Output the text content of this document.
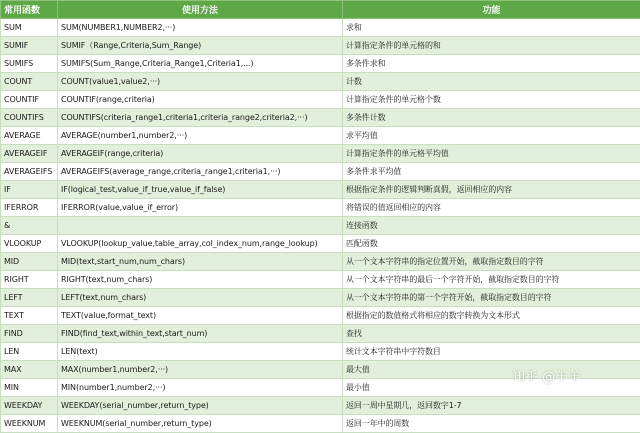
常用函数	使用方法	功能
SUM	SUM(NUMBER1,NUMBER2,···)	求和
SUMIF	SUMIF（Range,Criteria,Sum_Range)	计算指定条件的单元格的和
SUMIFS	SUMIFS(Sum_Range,Criteria_Range1,Criteria1,...)	多条件求和
COUNT	COUNT(value1,value2,···)	计数
COUNTIF	COUNTIF(range,criteria)	计算指定条件的单元格个数
COUNTIFS	COUNTIFS(criteria_range1,criteria1,criteria_range2,criteria2,···)	多条件计数
AVERAGE	AVERAGE(number1,number2,···)	求平均值
AVERAGEIF	AVERAGEIF(range,criteria)	计算指定条件的单元格平均值
AVERAGEIFS	AVERAGEIFS(average_range,criteria_range1,criteria1,···)	多条件求平均值
IF	IF(logical_test,value_if_true,value_if_false)	根据指定条件的逻辑判断真假，返回相应的内容
IFERROR	IFERROR(value,value_if_error)	将错误的值返回相应的内容
&		连接函数
VLOOKUP	VLOOKUP(lookup_value,table_array,col_index_num,range_lookup)	匹配函数
MID	MID(text,start_num,num_chars)	从一个文本字符串的指定位置开始，截取指定数目的字符
RIGHT	RIGHT(text,num_chars)	从一个文本字符串的最后一个字符开始，截取指定数目的字符
LEFT	LEFT(text,num_chars)	从一个文本字符串的第一个字符开始，截取指定数目的字符
TEXT	TEXT(value,format_text)	根据指定的数值格式将相应的数字转换为文本形式
FIND	FIND(find_text,within_text,start_num)	查找
LEN	LEN(text)	统计文本字符串中字符数目
MAX	MAX(number1,number2,···)	最大值
MIN	MIN(number1,number2,···)	最小值
WEEKDAY	WEEKDAY(serial_number,return_type)	返回一周中星期几，返回数字1-7
WEEKNUM	WEEKNUM(serial_number,return_type)	返回一年中的周数
知乎 @羊羊
